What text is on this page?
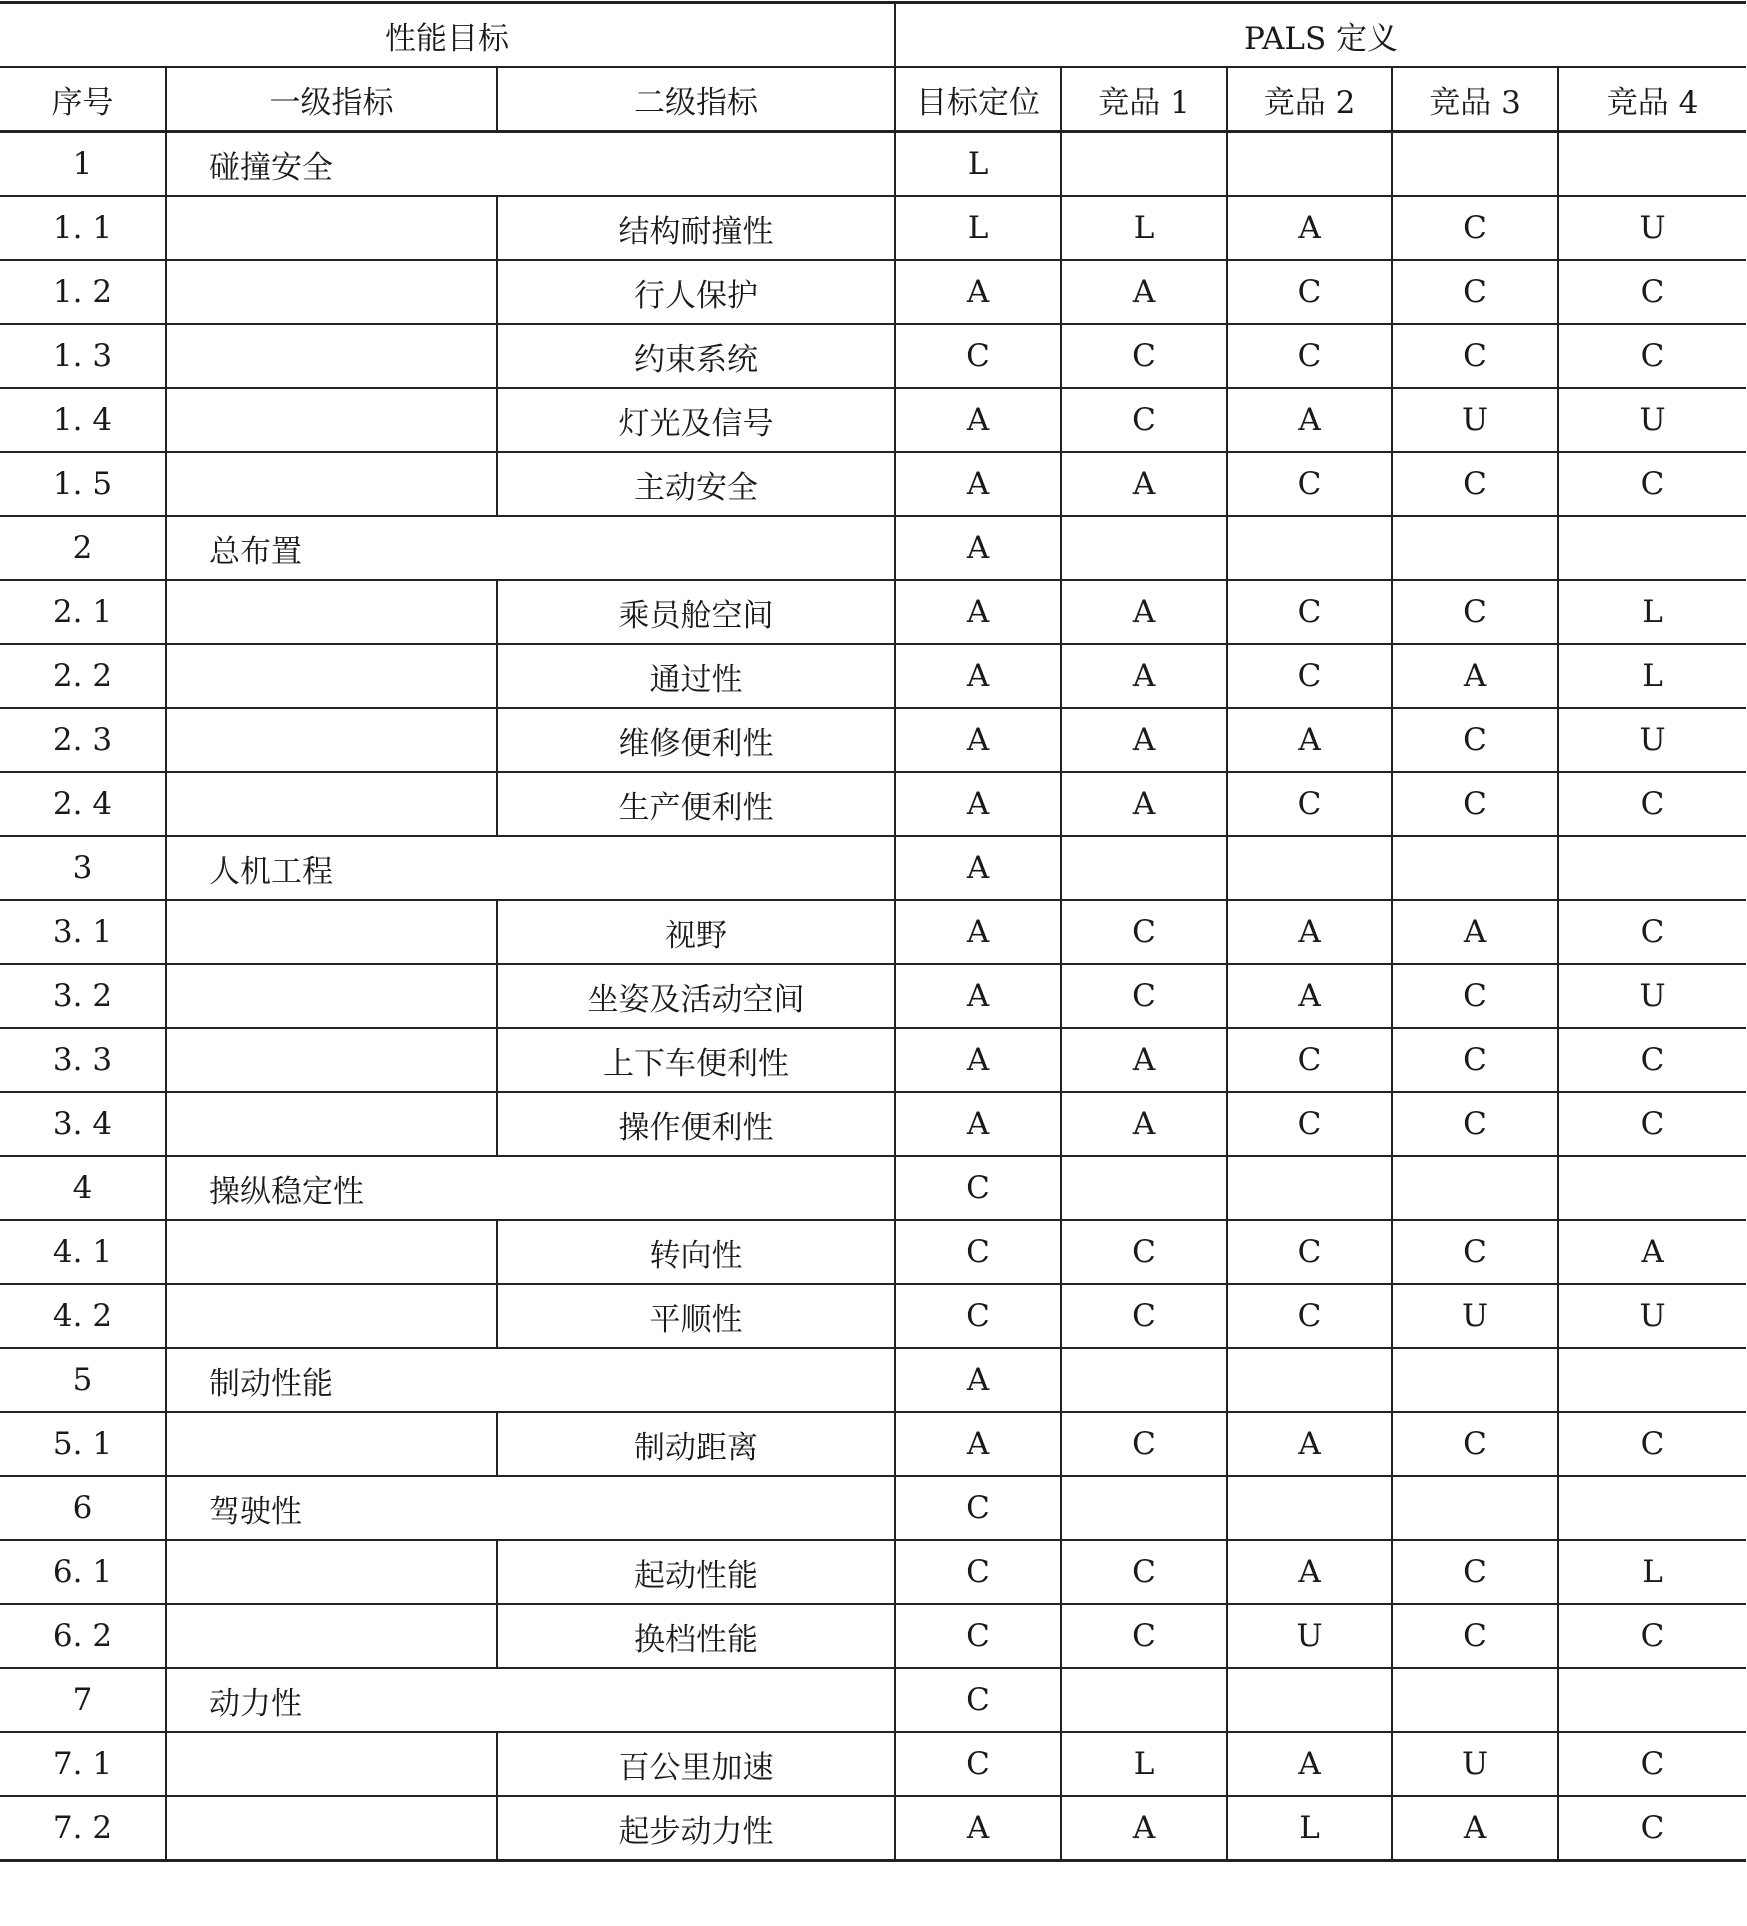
性能目标			PALS 定义				
序号	一级指标	二级指标	目标定位	竞品 1	竞品 2	竞品 3	竞品 4
1	碰撞安全		L				
1. 1		结构耐撞性	L	L	A	C	U
1. 2		行人保护	A	A	C	C	C
1. 3		约束系统	C	C	C	C	C
1. 4		灯光及信号	A	C	A	U	U
1. 5		主动安全	A	A	C	C	C
2	总布置		A				
2. 1		乘员舱空间	A	A	C	C	L
2. 2		通过性	A	A	C	A	L
2. 3		维修便利性	A	A	A	C	U
2. 4		生产便利性	A	A	C	C	C
3	人机工程		A				
3. 1		视野	A	C	A	A	C
3. 2		坐姿及活动空间	A	C	A	C	U
3. 3		上下车便利性	A	A	C	C	C
3. 4		操作便利性	A	A	C	C	C
4	操纵稳定性		C				
4. 1		转向性	C	C	C	C	A
4. 2		平顺性	C	C	C	U	U
5	制动性能		A				
5. 1		制动距离	A	C	A	C	C
6	驾驶性		C				
6. 1		起动性能	C	C	A	C	L
6. 2		换档性能	C	C	U	C	C
7	动力性		C				
7. 1		百公里加速	C	L	A	U	C
7. 2		起步动力性	A	A	L	A	C
